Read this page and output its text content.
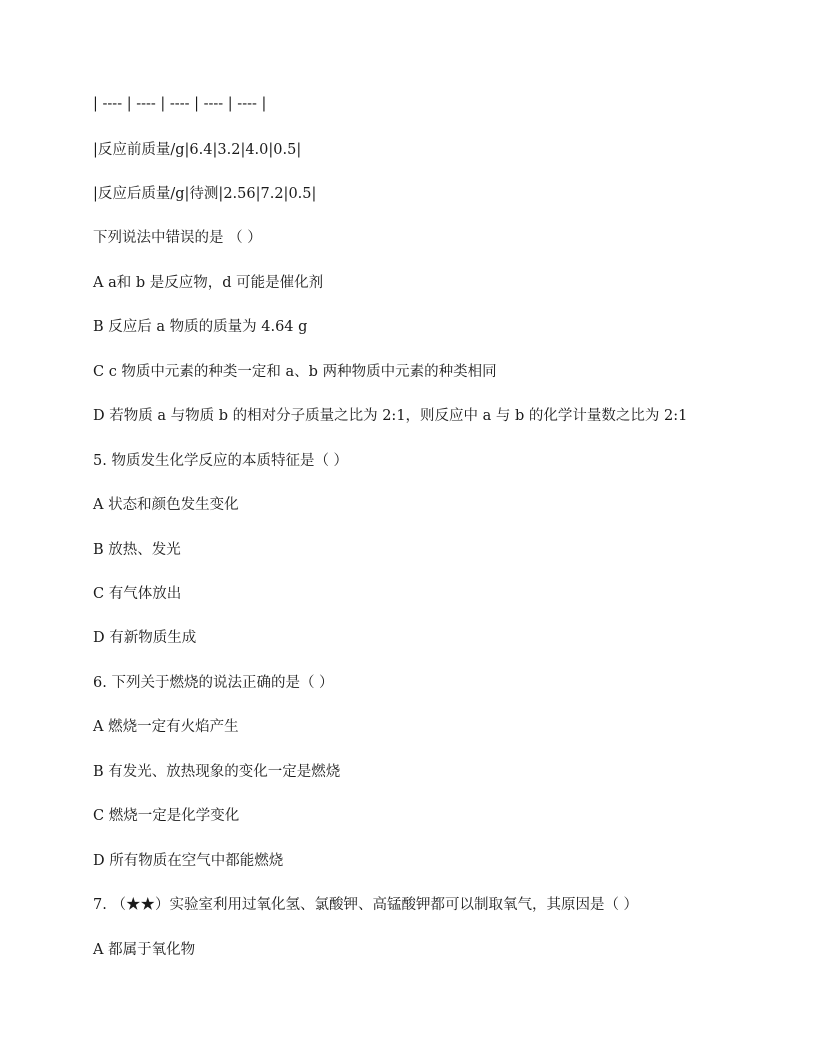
| ---- | ---- | ---- | ---- | ---- |
|反应前质量/g|6.4|3.2|4.0|0.5|
|反应后质量/g|待测|2.56|7.2|0.5|
下列说法中错误的是 （ ）
A a和 b 是反应物，d 可能是催化剂
B 反应后 a 物质的质量为 4.64 g
C c 物质中元素的种类一定和 a、b 两种物质中元素的种类相同
D 若物质 a 与物质 b 的相对分子质量之比为 2:1，则反应中 a 与 b 的化学计量数之比为 2:1
5. 物质发生化学反应的本质特征是（ ）
A 状态和颜色发生变化
B 放热、发光
C 有气体放出
D 有新物质生成
6. 下列关于燃烧的说法正确的是（ ）
A 燃烧一定有火焰产生
B 有发光、放热现象的变化一定是燃烧
C 燃烧一定是化学变化
D 所有物质在空气中都能燃烧
7. （★★）实验室利用过氧化氢、氯酸钾、高锰酸钾都可以制取氧气，其原因是（ ）
A 都属于氧化物
